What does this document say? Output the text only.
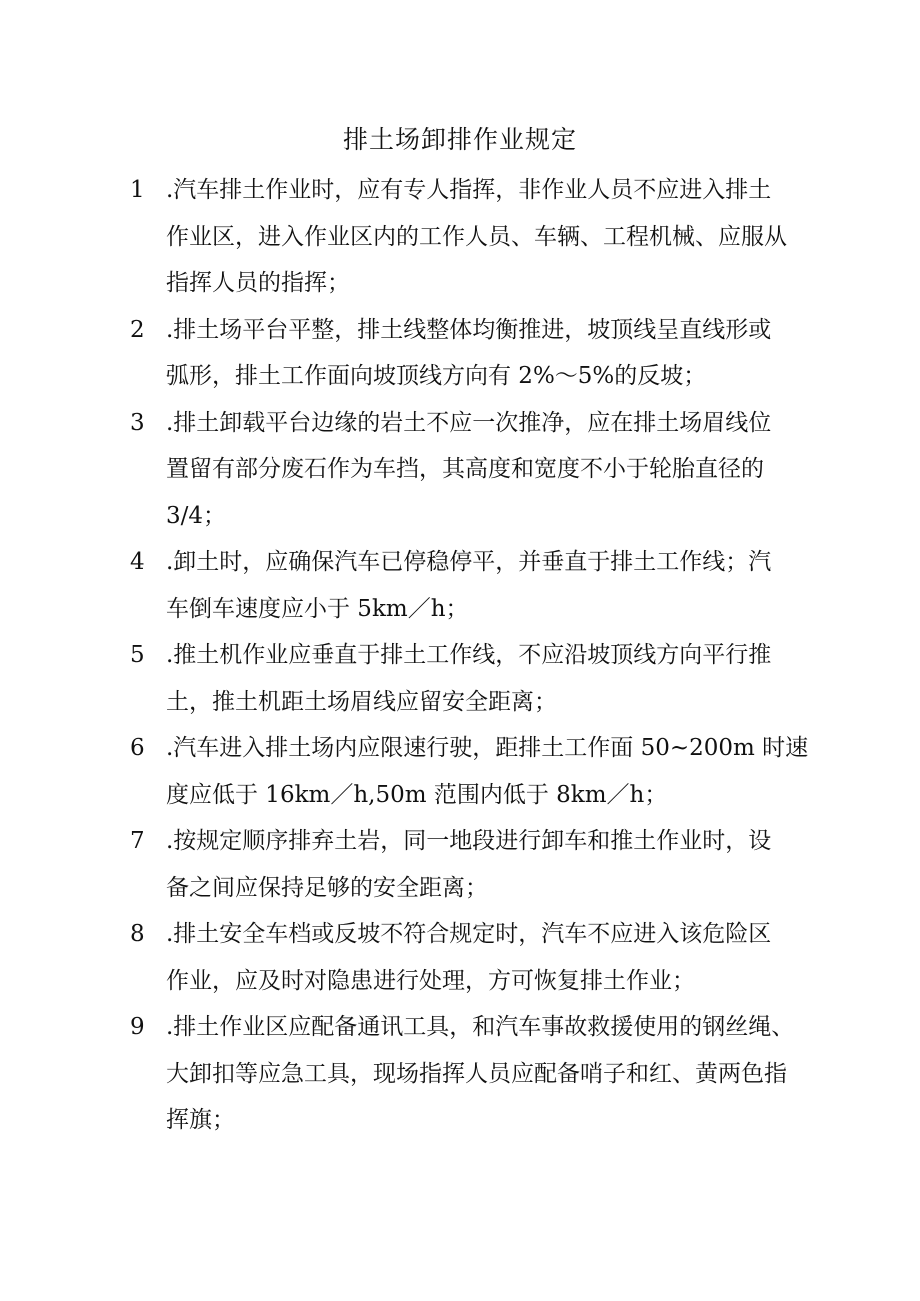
排土场卸排作业规定
1 .汽车排土作业时，应有专人指挥，非作业人员不应进入排土
作业区，进入作业区内的工作人员、车辆、工程机械、应服从
指挥人员的指挥；
2 .排土场平台平整，排土线整体均衡推进，坡顶线呈直线形或
弧形，排土工作面向坡顶线方向有 2%～5%的反坡；
3 .排土卸载平台边缘的岩土不应一次推净，应在排土场眉线位
置留有部分废石作为车挡，其高度和宽度不小于轮胎直径的
3/4；
4 .卸土时，应确保汽车已停稳停平，并垂直于排土工作线；汽
车倒车速度应小于 5km／h；
5 .推土机作业应垂直于排土工作线，不应沿坡顶线方向平行推
土，推土机距土场眉线应留安全距离；
6 .汽车进入排土场内应限速行驶，距排土工作面 50~200m 时速
度应低于 16km／h,50m 范围内低于 8km／h；
7 .按规定顺序排弃土岩，同一地段进行卸车和推土作业时，设
备之间应保持足够的安全距离；
8 .排土安全车档或反坡不符合规定时，汽车不应进入该危险区
作业，应及时对隐患进行处理，方可恢复排土作业；
9 .排土作业区应配备通讯工具，和汽车事故救援使用的钢丝绳、
大卸扣等应急工具，现场指挥人员应配备哨子和红、黄两色指
挥旗；
